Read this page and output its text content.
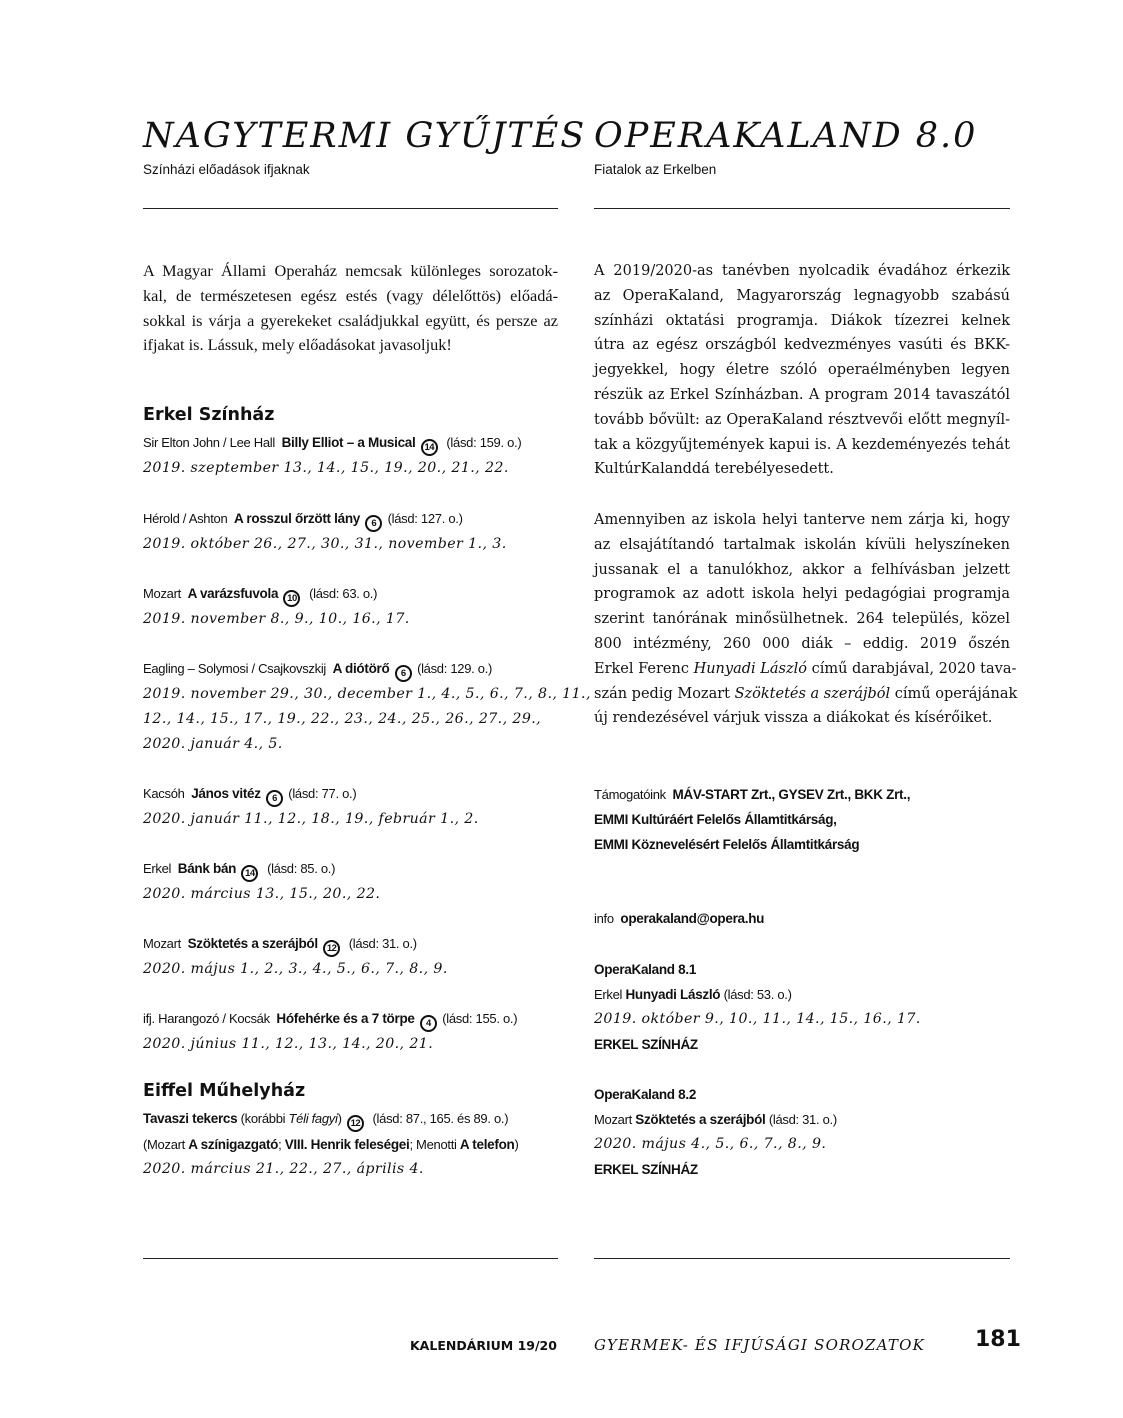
NAGYTERMI GYŰJTÉS
Színházi előadások ifjaknak
A Magyar Állami Operaház nemcsak különleges sorozatok-
kal, de természetesen egész estés (vagy délelőttös) előadá-
sokkal is várja a gyerekeket családjukkal együtt, és persze az
ifjakat is. Lássuk, mely előadásokat javasoljuk!
Erkel Színház
Sir Elton John / Lee Hall Billy Elliot – a Musical 14 (lásd: 159. o.)
2019. szeptember 13., 14., 15., 19., 20., 21., 22.
Hérold / Ashton A rosszul őrzött lány 6 (lásd: 127. o.)
2019. október 26., 27., 30., 31., november 1., 3.
Mozart A varázsfuvola 10 (lásd: 63. o.)
2019. november 8., 9., 10., 16., 17.
Eagling – Solymosi / Csajkovszkij A diótörő 6 (lásd: 129. o.)
2019. november 29., 30., december 1., 4., 5., 6., 7., 8., 11.,
12., 14., 15., 17., 19., 22., 23., 24., 25., 26., 27., 29.,
2020. január 4., 5.
Kacsóh János vitéz 6 (lásd: 77. o.)
2020. január 11., 12., 18., 19., február 1., 2.
Erkel Bánk bán 14 (lásd: 85. o.)
2020. március 13., 15., 20., 22.
Mozart Szöktetés a szerájból 12 (lásd: 31. o.)
2020. május 1., 2., 3., 4., 5., 6., 7., 8., 9.
ifj. Harangozó / Kocsák Hófehérke és a 7 törpe 4 (lásd: 155. o.)
2020. június 11., 12., 13., 14., 20., 21.
Eiffel Műhelyház
Tavaszi tekercs (korábbi Téli fagyi) 12 (lásd: 87., 165. és 89. o.)
(Mozart A színigazgató; VIII. Henrik feleségei; Menotti A telefon)
2020. március 21., 22., 27., április 4.
OPERAKALAND 8.0
Fiatalok az Erkelben
A 2019/2020-as tanévben nyolcadik évadához érkezik
az OperaKaland, Magyarország legnagyobb szabású
színházi oktatási programja. Diákok tízezrei kelnek
útra az egész országból kedvezményes vasúti és BKK-
jegyekkel, hogy életre szóló operaélményben legyen
részük az Erkel Színházban. A program 2014 tavaszától
tovább bővült: az OperaKaland résztvevői előtt megnyíl-
tak a közgyűjtemények kapui is. A kezdeményezés tehát
KultúrKalanddá terebélyesedett.
Amennyiben az iskola helyi tanterve nem zárja ki, hogy
az elsajátítandó tartalmak iskolán kívüli helyszíneken
jussanak el a tanulókhoz, akkor a felhívásban jelzett
programok az adott iskola helyi pedagógiai programja
szerint tanórának minősülhetnek. 264 település, közel
800 intézmény, 260 000 diák – eddig. 2019 őszén
Erkel Ferenc Hunyadi László című darabjával, 2020 tava-
szán pedig Mozart Szöktetés a szerájból című operájának
új rendezésével várjuk vissza a diákokat és kísérőiket.
Támogatóink MÁV-START Zrt., GYSEV Zrt., BKK Zrt.,
EMMI Kultúráért Felelős Államtitkárság,
EMMI Köznevelésért Felelős Államtitkárság
info operakaland@opera.hu
OperaKaland 8.1
Erkel Hunyadi László (lásd: 53. o.)
2019. október 9., 10., 11., 14., 15., 16., 17.
ERKEL SZÍNHÁZ
OperaKaland 8.2
Mozart Szöktetés a szerájból (lásd: 31. o.)
2020. május 4., 5., 6., 7., 8., 9.
ERKEL SZÍNHÁZ
KALENDÁRIUM 19/20 GYERMEK- ÉS IFJÚSÁGI SOROZATOK 181
